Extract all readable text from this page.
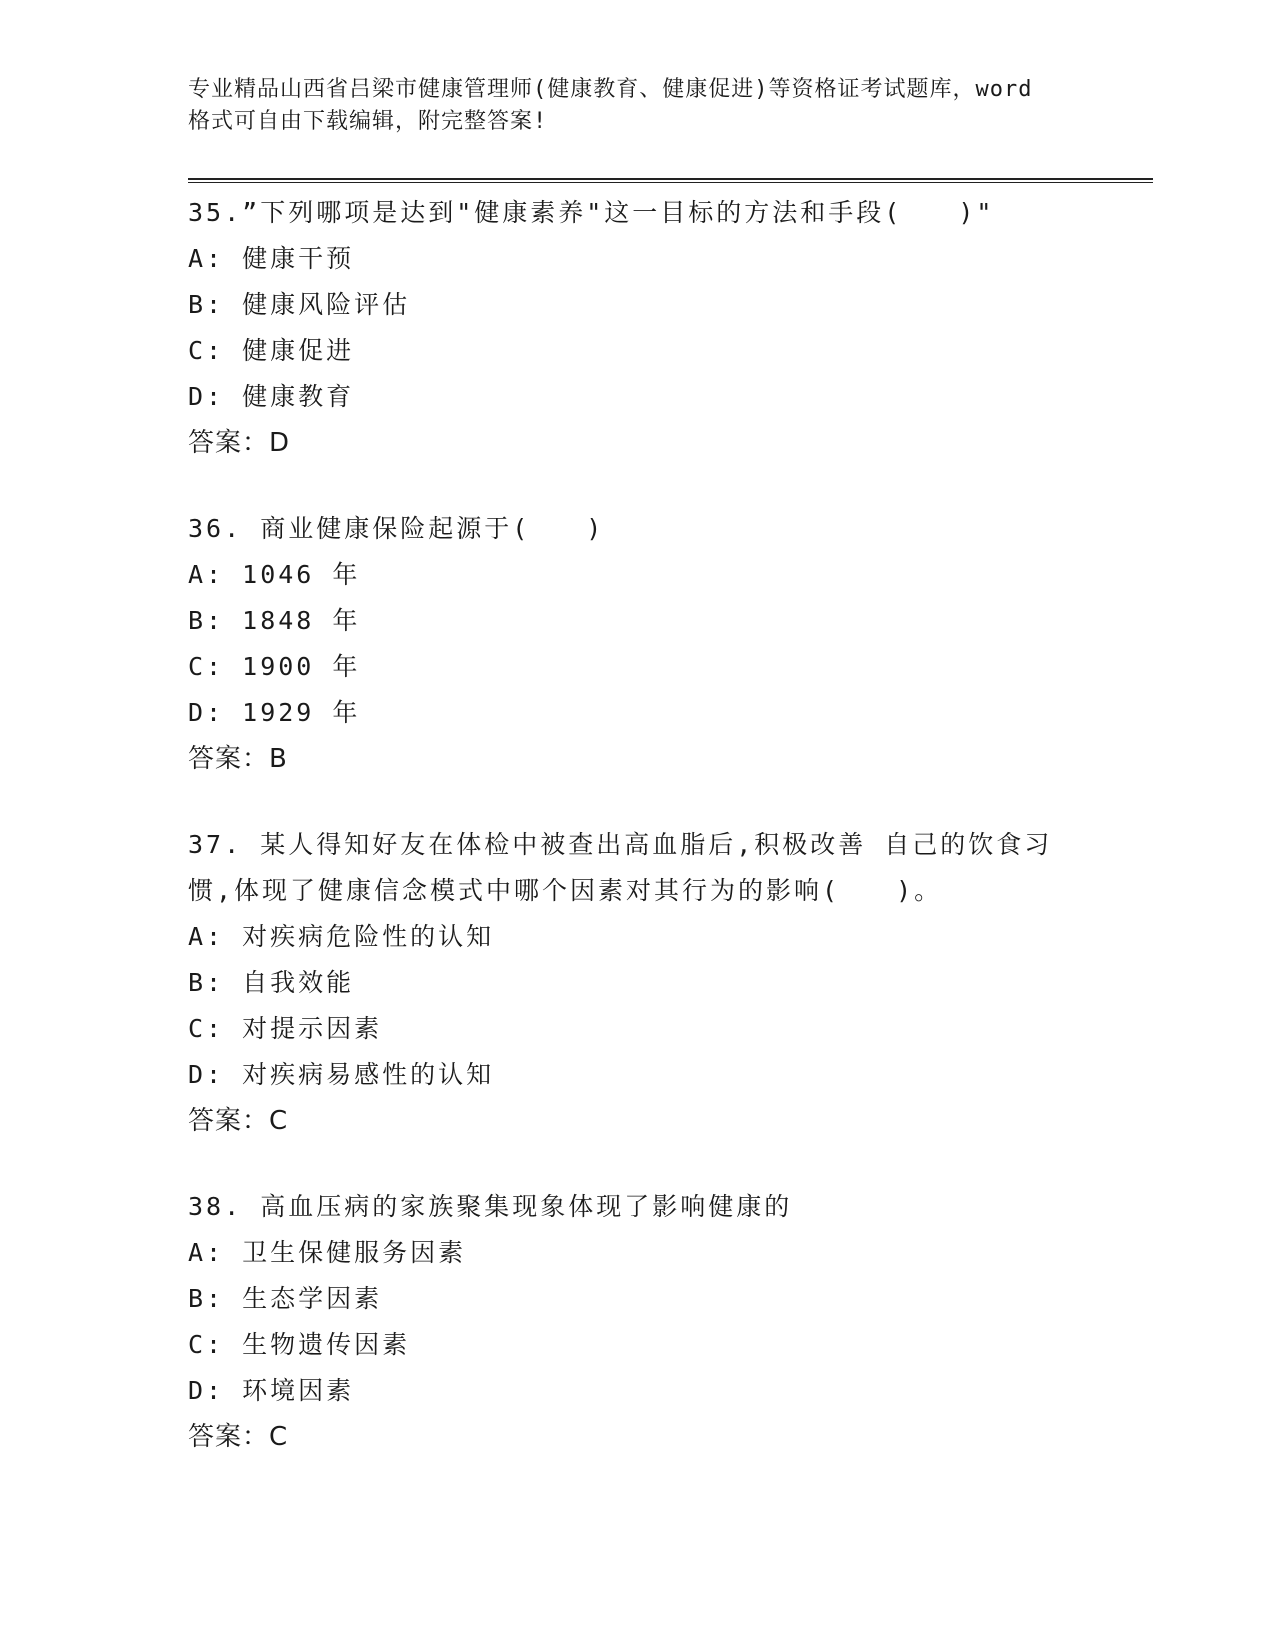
专业精品山西省吕梁市健康管理师(健康教育、健康促进)等资格证考试题库，word
格式可自由下载编辑，附完整答案!
35.”下列哪项是达到"健康素养"这一目标的方法和手段(　　)"
A: 健康干预
B: 健康风险评估
C: 健康促进
D: 健康教育
答案：D
36. 商业健康保险起源于(　　)
A: 1046 年
B: 1848 年
C: 1900 年
D: 1929 年
答案：B
37. 某人得知好友在体检中被查出高血脂后,积极改善 自己的饮食习惯,体现了健康信念模式中哪个因素对其行为的影响(　　)。
A: 对疾病危险性的认知
B: 自我效能
C: 对提示因素
D: 对疾病易感性的认知
答案：C
38. 高血压病的家族聚集现象体现了影响健康的
A: 卫生保健服务因素
B: 生态学因素
C: 生物遗传因素
D: 环境因素
答案：C
